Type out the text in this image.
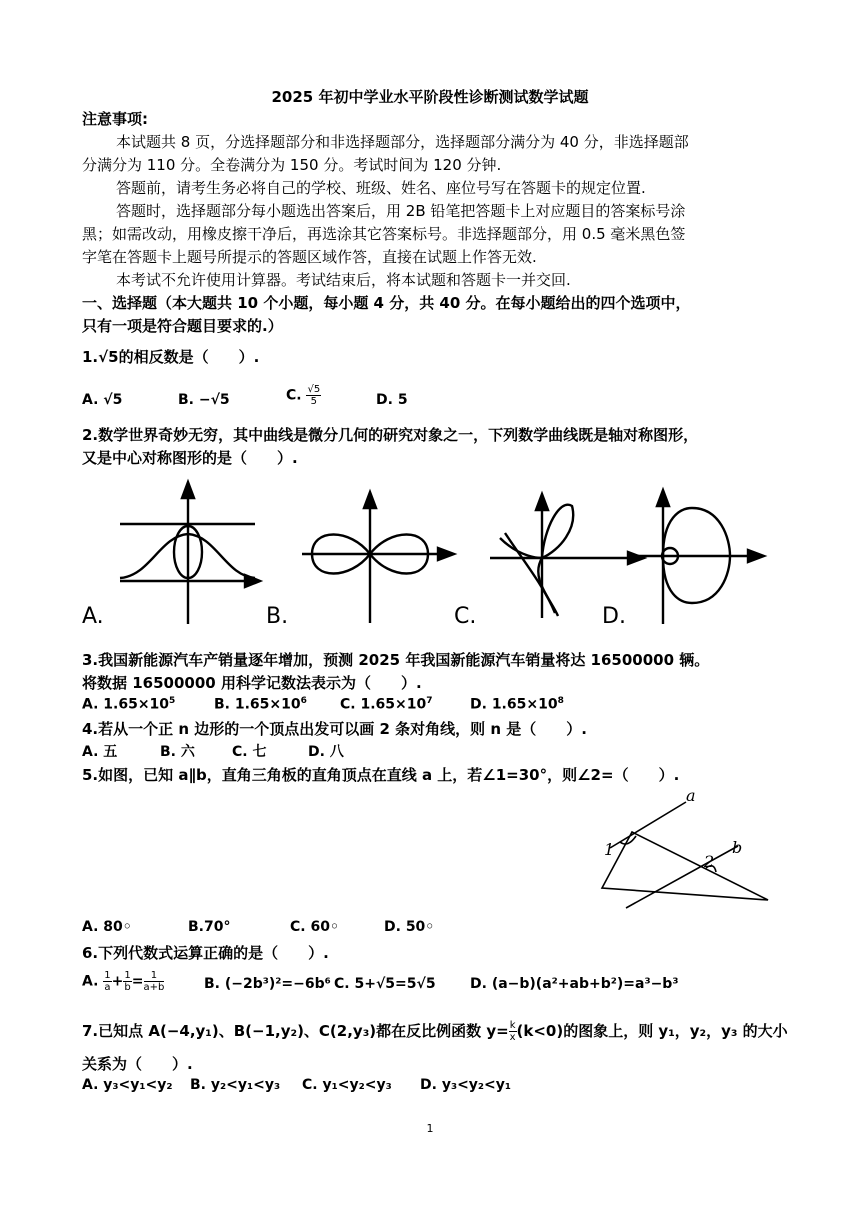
2025 年初中学业水平阶段性诊断测试数学试题
注意事项:
本试题共 8 页，分选择题部分和非选择题部分，选择题部分满分为 40 分，非选择题部
分满分为 110 分。全卷满分为 150 分。考试时间为 120 分钟.
答题前，请考生务必将自己的学校、班级、姓名、座位号写在答题卡的规定位置.
答题时，选择题部分每小题选出答案后，用 2B 铅笔把答题卡上对应题目的答案标号涂
黑；如需改动，用橡皮擦干净后，再选涂其它答案标号。非选择题部分，用 0.5 毫米黑色签
字笔在答题卡上题号所提示的答题区域作答，直接在试题上作答无效.
本考试不允许使用计算器。考试结束后，将本试题和答题卡一并交回.
一、选择题（本大题共 10 个小题，每小题 4 分，共 40 分。在每小题给出的四个选项中，
只有一项是符合题目要求的.）
1.√5的相反数是（　　）.
A. √5	B. −√5	C. $\frac{√5}{5}$	D. 5
2.数学世界奇妙无穷，其中曲线是微分几何的研究对象之一，下列数学曲线既是轴对称图形，
又是中心对称图形的是（　　）.
A.	B.	C.	D.
3.我国新能源汽车产销量逐年增加，预测 2025 年我国新能源汽车销量将达 16500000 辆。
将数据 16500000 用科学记数法表示为（　　）.
A. $1.65\times 10^5$	B. $1.65\times 10^6$ C. $1.65\times 10^7$	D. $1.65\times 10^8$
4.若从一个正 n 边形的一个顶点出发可以画 2 条对角线，则 n 是（　　）.
A. 五	B. 六	C. 七	D. 八
5.如图，已知 a∥b，直角三角板的直角顶点在直线 a 上，若∠1=30°，则∠2=（　　）.
a
b
1
2
A. 80◦	B.70°	C. 60◦	D. 50◦
6.下列代数式运算正确的是（　　）.
A. $\frac{1}{a} + \frac{1}{b} = \frac{1}{a+b}$	B. (−2b³)²=−6b⁶ C. 5+√5=5√5 D. (a−b)(a²+ab+b²)=a³−b³
7.已知点 A(−4,y₁)、B(−1,y₂)、C(2,y₃)都在反比例函数 $y= \frac{k}{x} (k<0)$的图象上，则 y₁，y₂，y₃ 的大小
关系为（　　）.
A. y₃<y₁<y₂ B. y₂<y₁<y₃ C. y₁<y₂<y₃ D. y₃<y₂<y₁
1
